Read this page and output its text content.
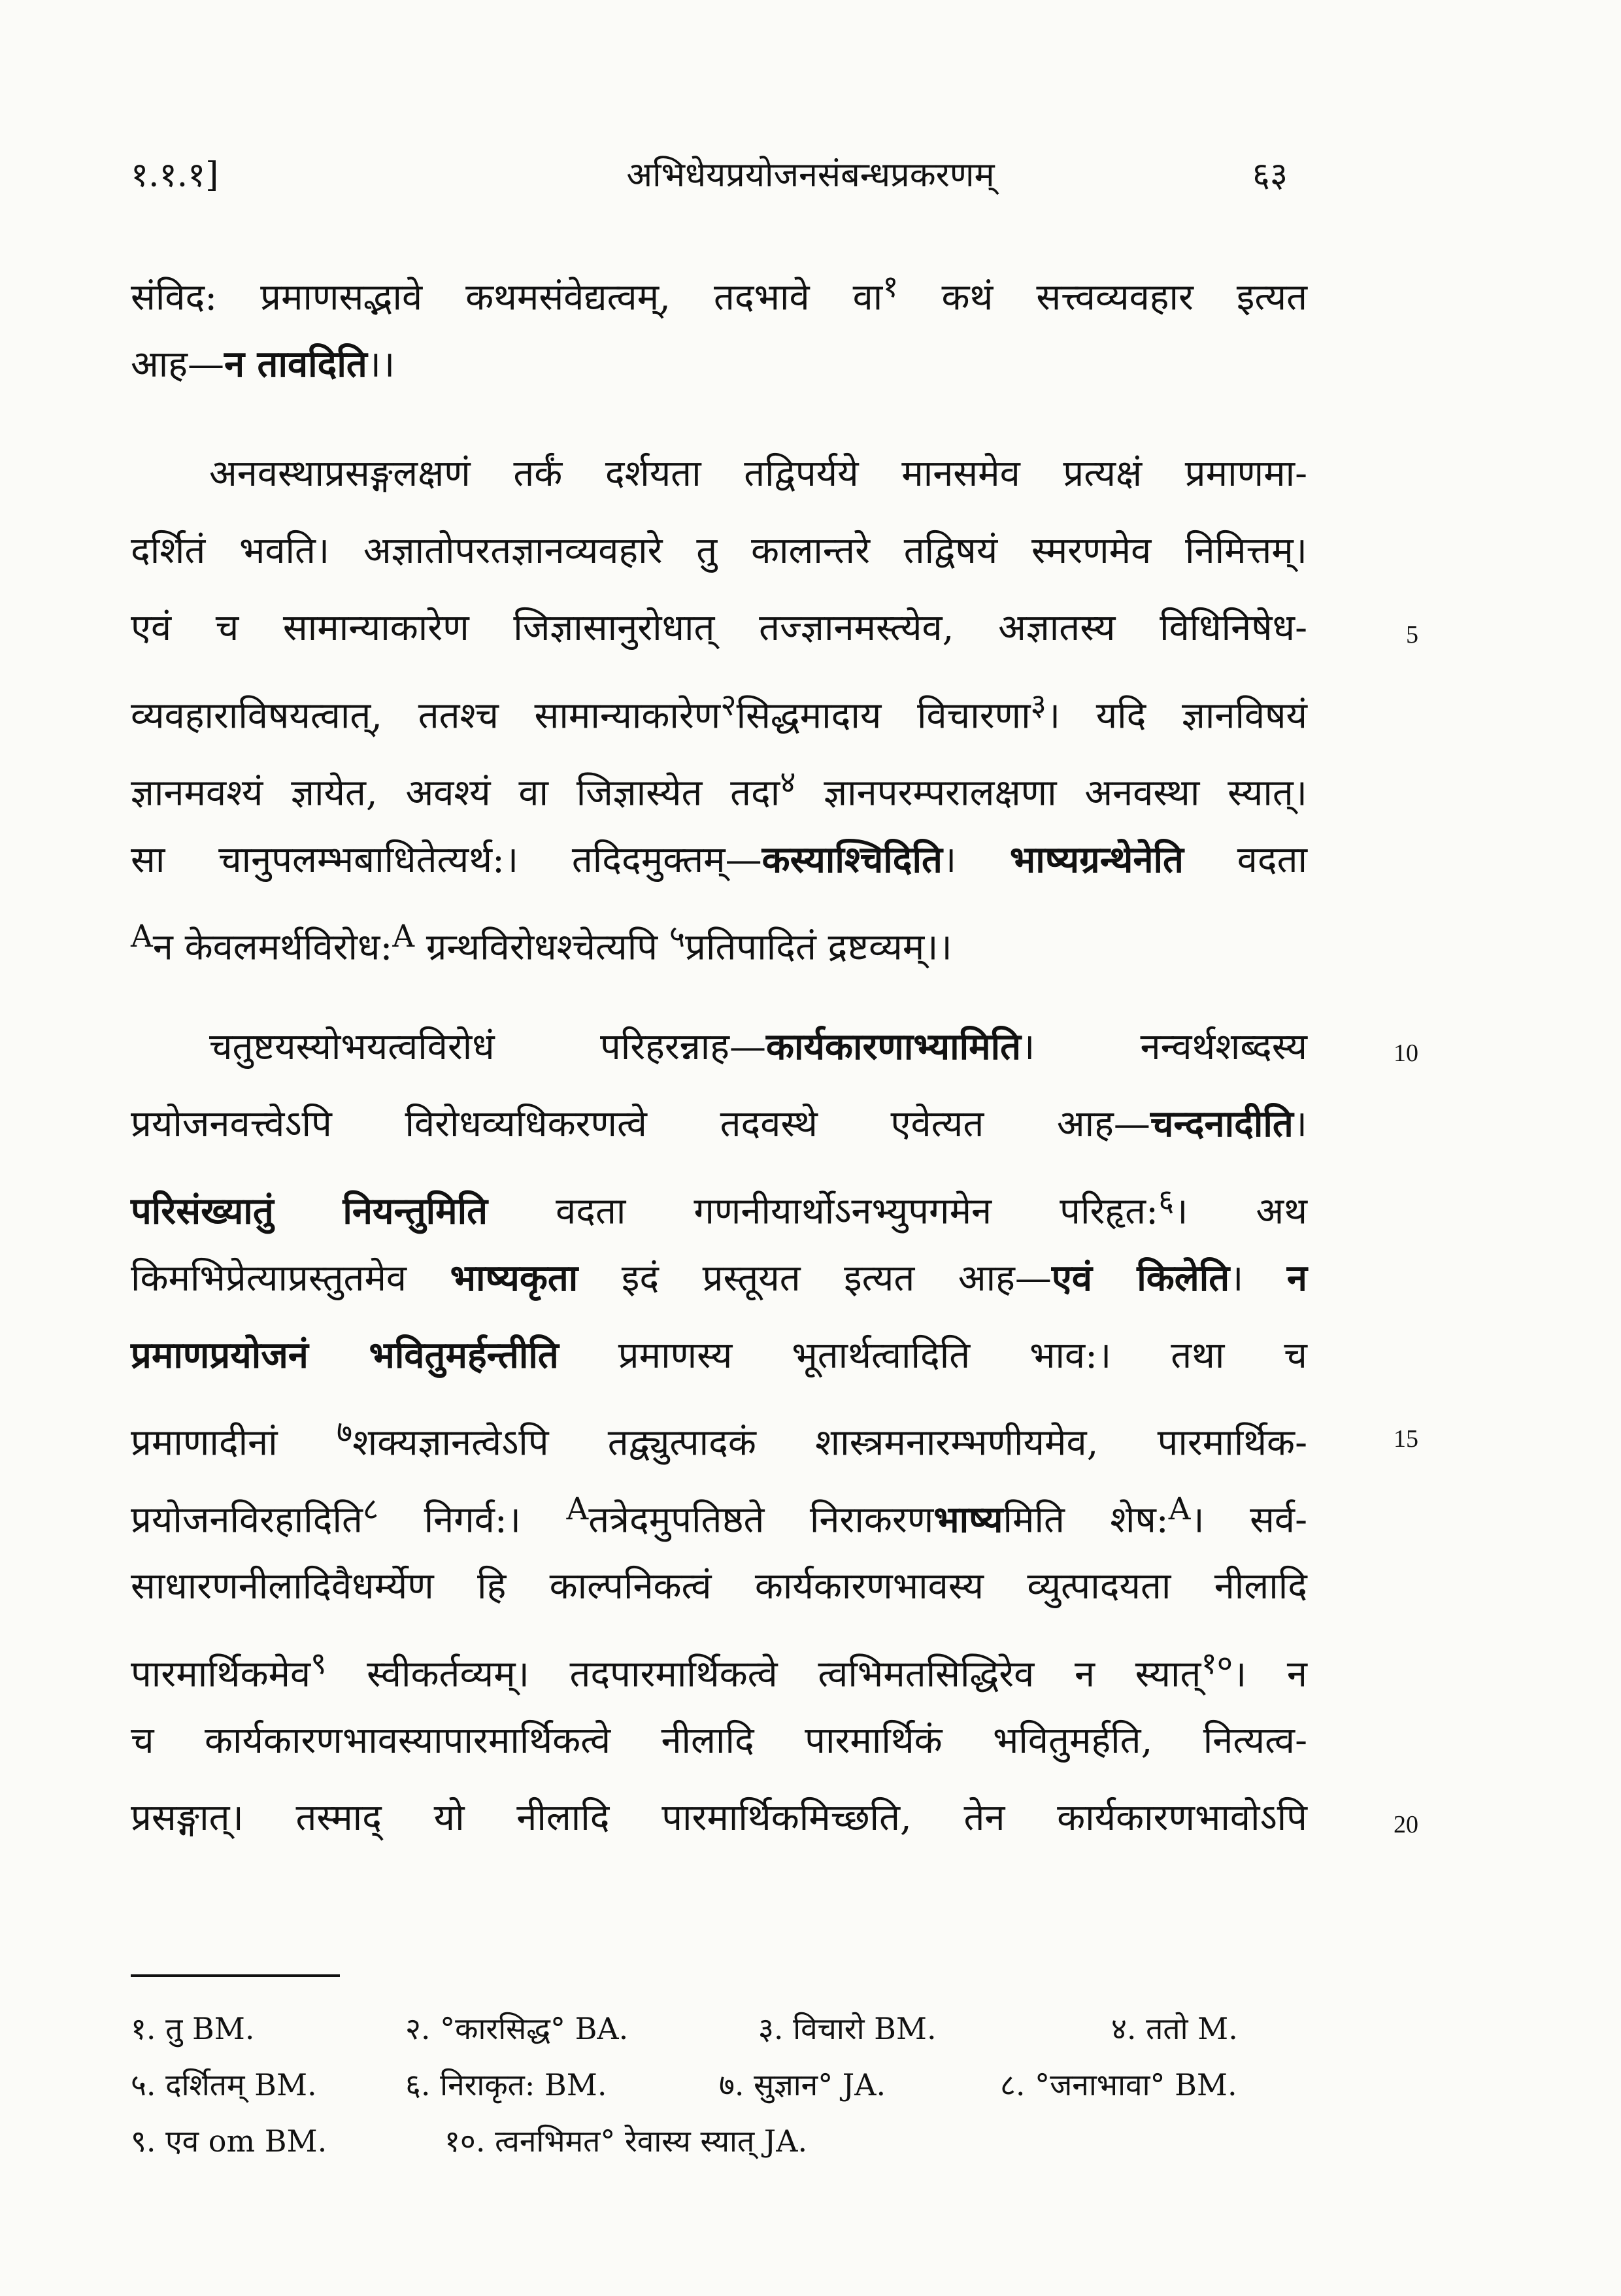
१.१.१]	अभिधेयप्रयोजनसंबन्धप्रकरणम्	६३
संविद: प्रमाणसद्भावे कथमसंवेद्यत्वम्, तदभावे वा$^१$ कथं सत्त्वव्यवहार इत्यत
आह—न तावदिति।।
अनवस्थाप्रसङ्गलक्षणं तर्कं दर्शयता तद्विपर्यये मानसमेव प्रत्यक्षं प्रमाणमा-
दर्शितं भवति। अज्ञातोपरतज्ञानव्यवहारे तु कालान्तरे तद्विषयं स्मरणमेव निमित्तम्।
एवं च सामान्याकारेण जिज्ञासानुरोधात् तज्ज्ञानमस्त्येव, अज्ञातस्य विधिनिषेध-	5
व्यवहाराविषयत्वात्, ततश्च सामान्याकारेण$^२$सिद्धमादाय विचारणा$^३$। यदि ज्ञानविषयं
ज्ञानमवश्यं ज्ञायेत, अवश्यं वा जिज्ञास्येत तदा$^४$ ज्ञानपरम्परालक्षणा अनवस्था स्यात्।
सा चानुपलम्भबाधितेत्यर्थ:। तदिदमुक्तम्—कस्याश्चिदिति। भाष्यग्रन्थेनेति वदता
$^A$न केवलमर्थविरोध:$^A$ ग्रन्थविरोधश्चेत्यपि $^५$प्रतिपादितं द्रष्टव्यम्।।
चतुष्टयस्योभयत्वविरोधं परिहरन्नाह—कार्यकारणाभ्यामिति। नन्वर्थशब्दस्य	10
प्रयोजनवत्त्वेऽपि विरोधव्यधिकरणत्वे तदवस्थे एवेत्यत आह—चन्दनादीति।
परिसंख्यातुं नियन्तुमिति वदता गणनीयार्थोऽनभ्युपगमेन परिहृत:$^६$। अथ
किमभिप्रेत्याप्रस्तुतमेव भाष्यकृता इदं प्रस्तूयत इत्यत आह—एवं किलेति। न
प्रमाणप्रयोजनं भवितुमर्हन्तीति प्रमाणस्य भूतार्थत्वादिति भाव:। तथा च
प्रमाणादीनां $^७$शक्यज्ञानत्वेऽपि तद्व्युत्पादकं शास्त्रमनारम्भणीयमेव, पारमार्थिक-	15
प्रयोजनविरहादिति$^८$ निगर्व:। $^A$तत्रेदमुपतिष्ठते निराकरणभाष्यमिति शेष:$^A$। सर्व-
साधारणनीलादिवैधर्म्येण हि काल्पनिकत्वं कार्यकारणभावस्य व्युत्पादयता नीलादि
पारमार्थिकमेव$^९$ स्वीकर्तव्यम्। तदपारमार्थिकत्वे त्वभिमतसिद्धिरेव न स्यात्$^{१०}$। न
च कार्यकारणभावस्यापारमार्थिकत्वे नीलादि पारमार्थिकं भवितुमर्हति, नित्यत्व-
प्रसङ्गात्। तस्माद् यो नीलादि पारमार्थिकमिच्छति, तेन कार्यकारणभावोऽपि	20
१. तु BM.	२. °कारसिद्ध° BA.	३. विचारो BM.	४. ततो M.
५. दर्शितम् BM.	६. निराकृत: BM.	७. सुज्ञान° JA.	८. °जनाभावा° BM.
९. एव om BM.	१०. त्वनभिमत° रेवास्य स्यात् JA.
